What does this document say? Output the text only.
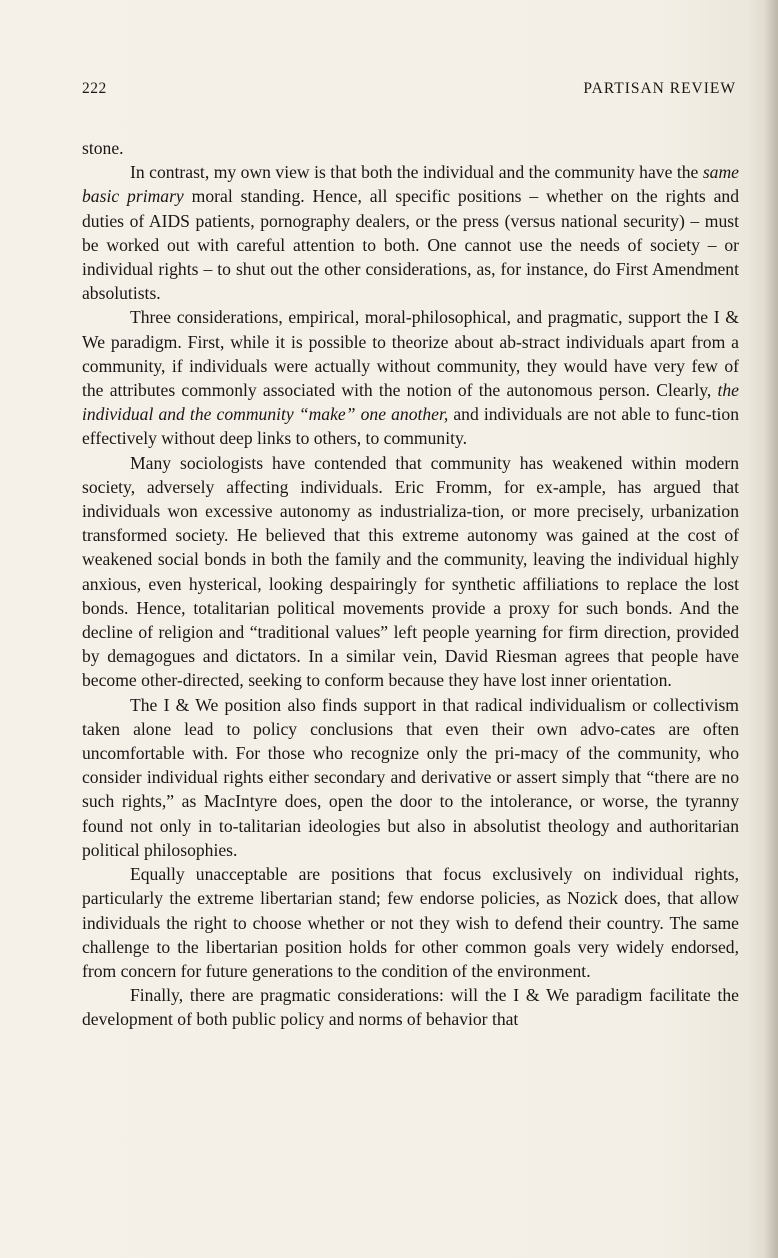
222	PARTISAN REVIEW

stone.

In contrast, my own view is that both the individual and the community have the same basic primary moral standing. Hence, all specific positions – whether on the rights and duties of AIDS patients, pornography dealers, or the press (versus national security) – must be worked out with careful attention to both. One cannot use the needs of society – or individual rights – to shut out the other considerations, as, for instance, do First Amendment absolutists.

Three considerations, empirical, moral-philosophical, and pragmatic, support the I & We paradigm. First, while it is possible to theorize about ab-stract individuals apart from a community, if individuals were actually without community, they would have very few of the attributes commonly associated with the notion of the autonomous person. Clearly, the individual and the community “make” one another, and individuals are not able to func-tion effectively without deep links to others, to community.

Many sociologists have contended that community has weakened within modern society, adversely affecting individuals. Eric Fromm, for ex-ample, has argued that individuals won excessive autonomy as industrializa-tion, or more precisely, urbanization transformed society. He believed that this extreme autonomy was gained at the cost of weakened social bonds in both the family and the community, leaving the individual highly anxious, even hysterical, looking despairingly for synthetic affiliations to replace the lost bonds. Hence, totalitarian political movements provide a proxy for such bonds. And the decline of religion and “traditional values” left people yearning for firm direction, provided by demagogues and dictators. In a similar vein, David Riesman agrees that people have become other-directed, seeking to conform because they have lost inner orientation.

The I & We position also finds support in that radical individualism or collectivism taken alone lead to policy conclusions that even their own advo-cates are often uncomfortable with. For those who recognize only the pri-macy of the community, who consider individual rights either secondary and derivative or assert simply that “there are no such rights,” as MacIntyre does, open the door to the intolerance, or worse, the tyranny found not only in to-talitarian ideologies but also in absolutist theology and authoritarian political philosophies.

Equally unacceptable are positions that focus exclusively on individual rights, particularly the extreme libertarian stand; few endorse policies, as Nozick does, that allow individuals the right to choose whether or not they wish to defend their country. The same challenge to the libertarian position holds for other common goals very widely endorsed, from concern for future generations to the condition of the environment.

Finally, there are pragmatic considerations: will the I & We paradigm facilitate the development of both public policy and norms of behavior that
